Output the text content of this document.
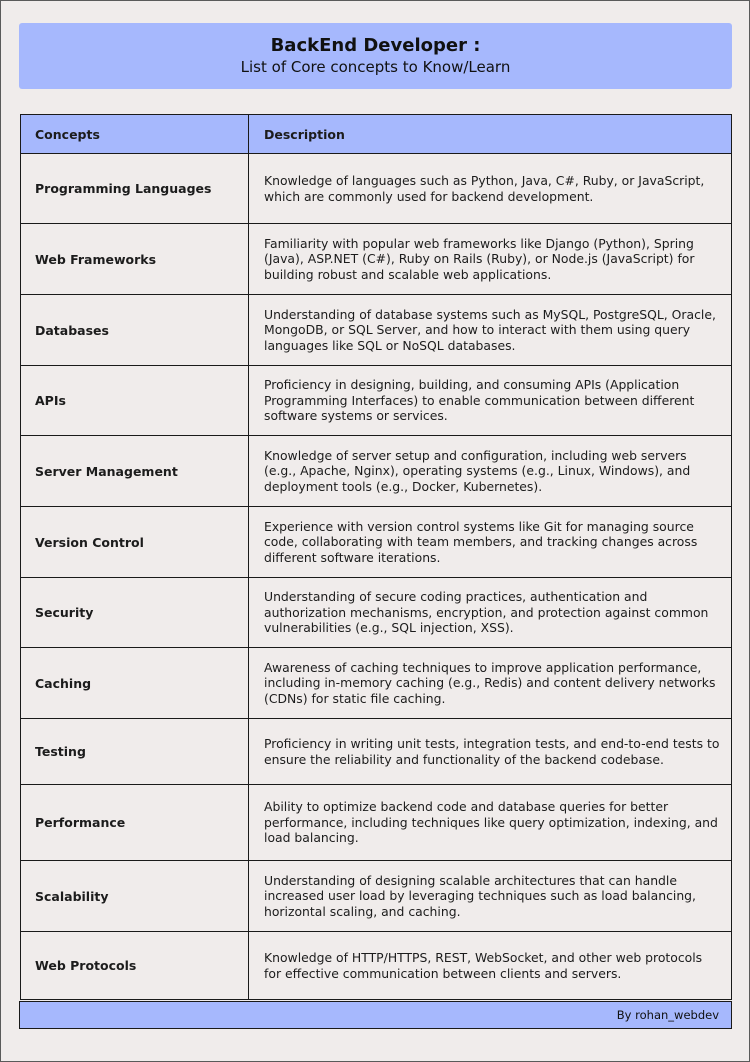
BackEnd Developer :
List of Core concepts to Know/Learn
Concepts	Description
Programming Languages	Knowledge of languages such as Python, Java, C#, Ruby, or JavaScript, which are commonly used for backend development.
Web Frameworks	Familiarity with popular web frameworks like Django (Python), Spring (Java), ASP.NET (C#), Ruby on Rails (Ruby), or Node.js (JavaScript) for building robust and scalable web applications.
Databases	Understanding of database systems such as MySQL, PostgreSQL, Oracle, MongoDB, or SQL Server, and how to interact with them using query languages like SQL or NoSQL databases.
APIs	Proficiency in designing, building, and consuming APIs (Application Programming Interfaces) to enable communication between different software systems or services.
Server Management	Knowledge of server setup and configuration, including web servers (e.g., Apache, Nginx), operating systems (e.g., Linux, Windows), and deployment tools (e.g., Docker, Kubernetes).
Version Control	Experience with version control systems like Git for managing source code, collaborating with team members, and tracking changes across different software iterations.
Security	Understanding of secure coding practices, authentication and authorization mechanisms, encryption, and protection against common vulnerabilities (e.g., SQL injection, XSS).
Caching	Awareness of caching techniques to improve application performance, including in-memory caching (e.g., Redis) and content delivery networks (CDNs) for static file caching.
Testing	Proficiency in writing unit tests, integration tests, and end-to-end tests to ensure the reliability and functionality of the backend codebase.
Performance	Ability to optimize backend code and database queries for better performance, including techniques like query optimization, indexing, and load balancing.
Scalability	Understanding of designing scalable architectures that can handle increased user load by leveraging techniques such as load balancing, horizontal scaling, and caching.
Web Protocols	Knowledge of HTTP/HTTPS, REST, WebSocket, and other web protocols for effective communication between clients and servers.
By rohan_webdev
